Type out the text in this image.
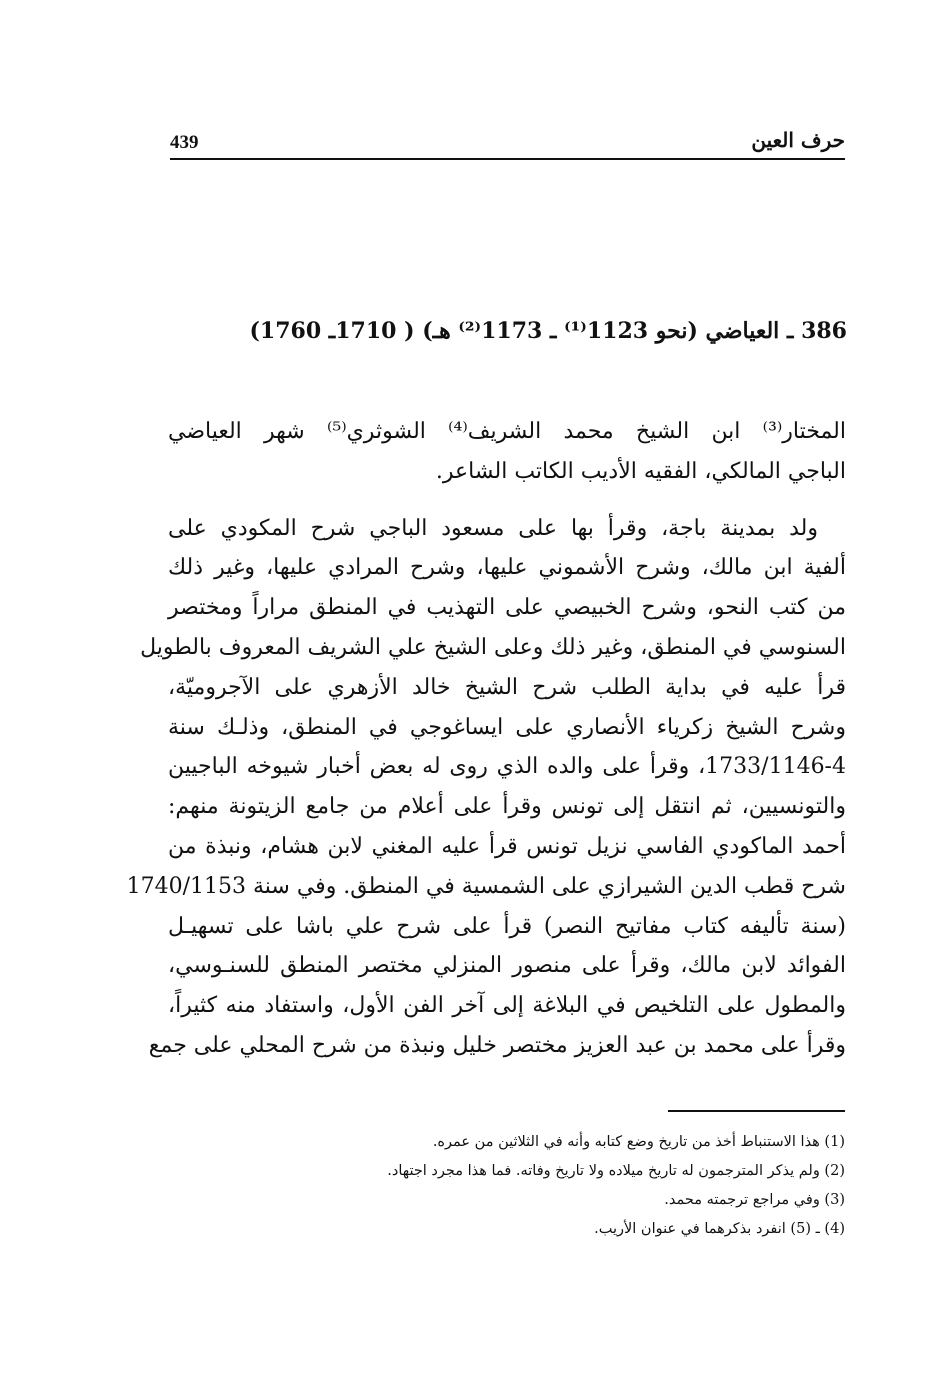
439	حرف العين
386 ـ العياضي (نحو 1123⁽¹⁾ ـ 1173⁽²⁾ هـ) ( 1710ـ 1760)
المختار⁽³⁾ ابن الشيخ محمد الشريف⁽⁴⁾ الشوثري⁽⁵⁾ شهر العياضي
الباجي المالكي، الفقيه الأديب الكاتب الشاعر.
ولد بمدينة باجة، وقرأ بها على مسعود الباجي شرح المكودي على
ألفية ابن مالك، وشرح الأشموني عليها، وشرح المرادي عليها، وغير ذلك
من كتب النحو، وشرح الخبيصي على التهذيب في المنطق مراراً ومختصر
السنوسي في المنطق، وغير ذلك وعلى الشيخ علي الشريف المعروف بالطويل
قرأ عليه في بداية الطلب شرح الشيخ خالد الأزهري على الآجروميّة،
وشرح الشيخ زكرياء الأنصاري على ايساغوجي في المنطق، وذلـك سنة
1733/1146-4، وقرأ على والده الذي روى له بعض أخبار شيوخه الباجيين
والتونسيين، ثم انتقل إلى تونس وقرأ على أعلام من جامع الزيتونة منهم:
أحمد الماكودي الفاسي نزيل تونس قرأ عليه المغني لابن هشام، ونبذة من
شرح قطب الدين الشيرازي على الشمسية في المنطق. وفي سنة 1740/1153
(سنة تأليفه كتاب مفاتيح النصر) قرأ على شرح علي باشا على تسهيـل
الفوائد لابن مالك، وقرأ على منصور المنزلي مختصر المنطق للسنـوسي،
والمطول على التلخيص في البلاغة إلى آخر الفن الأول، واستفاد منه كثيراً،
وقرأ على محمد بن عبد العزيز مختصر خليل ونبذة من شرح المحلي على جمع
(1) هذا الاستنباط أخذ من تاريخ وضع كتابه وأنه في الثلاثين من عمره.
(2) ولم يذكر المترجمون له تاريخ ميلاده ولا تاريخ وفاته. فما هذا مجرد اجتهاد.
(3) وفي مراجع ترجمته محمد.
(4) ـ (5) انفرد بذكرهما في عنوان الأريب.
